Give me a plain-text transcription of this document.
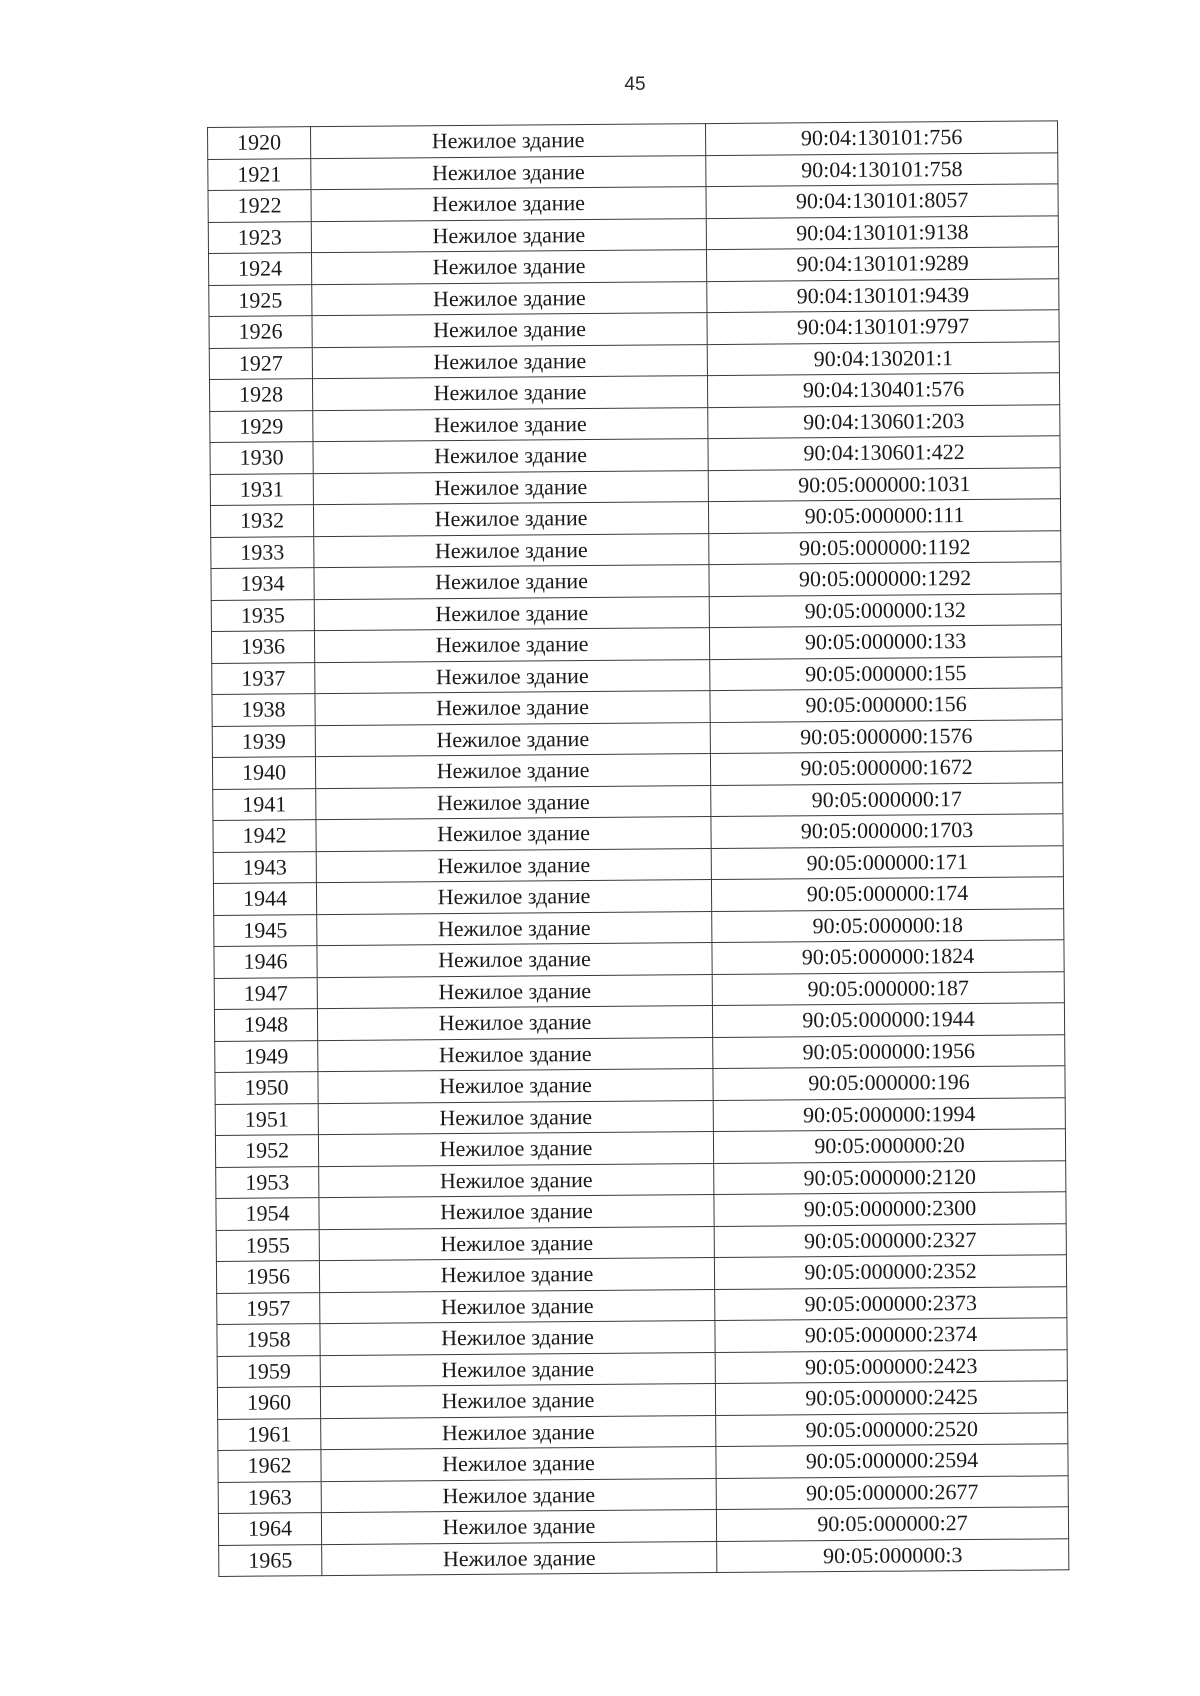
45
1920	Нежилое здание	90:04:130101:756
1921	Нежилое здание	90:04:130101:758
1922	Нежилое здание	90:04:130101:8057
1923	Нежилое здание	90:04:130101:9138
1924	Нежилое здание	90:04:130101:9289
1925	Нежилое здание	90:04:130101:9439
1926	Нежилое здание	90:04:130101:9797
1927	Нежилое здание	90:04:130201:1
1928	Нежилое здание	90:04:130401:576
1929	Нежилое здание	90:04:130601:203
1930	Нежилое здание	90:04:130601:422
1931	Нежилое здание	90:05:000000:1031
1932	Нежилое здание	90:05:000000:111
1933	Нежилое здание	90:05:000000:1192
1934	Нежилое здание	90:05:000000:1292
1935	Нежилое здание	90:05:000000:132
1936	Нежилое здание	90:05:000000:133
1937	Нежилое здание	90:05:000000:155
1938	Нежилое здание	90:05:000000:156
1939	Нежилое здание	90:05:000000:1576
1940	Нежилое здание	90:05:000000:1672
1941	Нежилое здание	90:05:000000:17
1942	Нежилое здание	90:05:000000:1703
1943	Нежилое здание	90:05:000000:171
1944	Нежилое здание	90:05:000000:174
1945	Нежилое здание	90:05:000000:18
1946	Нежилое здание	90:05:000000:1824
1947	Нежилое здание	90:05:000000:187
1948	Нежилое здание	90:05:000000:1944
1949	Нежилое здание	90:05:000000:1956
1950	Нежилое здание	90:05:000000:196
1951	Нежилое здание	90:05:000000:1994
1952	Нежилое здание	90:05:000000:20
1953	Нежилое здание	90:05:000000:2120
1954	Нежилое здание	90:05:000000:2300
1955	Нежилое здание	90:05:000000:2327
1956	Нежилое здание	90:05:000000:2352
1957	Нежилое здание	90:05:000000:2373
1958	Нежилое здание	90:05:000000:2374
1959	Нежилое здание	90:05:000000:2423
1960	Нежилое здание	90:05:000000:2425
1961	Нежилое здание	90:05:000000:2520
1962	Нежилое здание	90:05:000000:2594
1963	Нежилое здание	90:05:000000:2677
1964	Нежилое здание	90:05:000000:27
1965	Нежилое здание	90:05:000000:3
